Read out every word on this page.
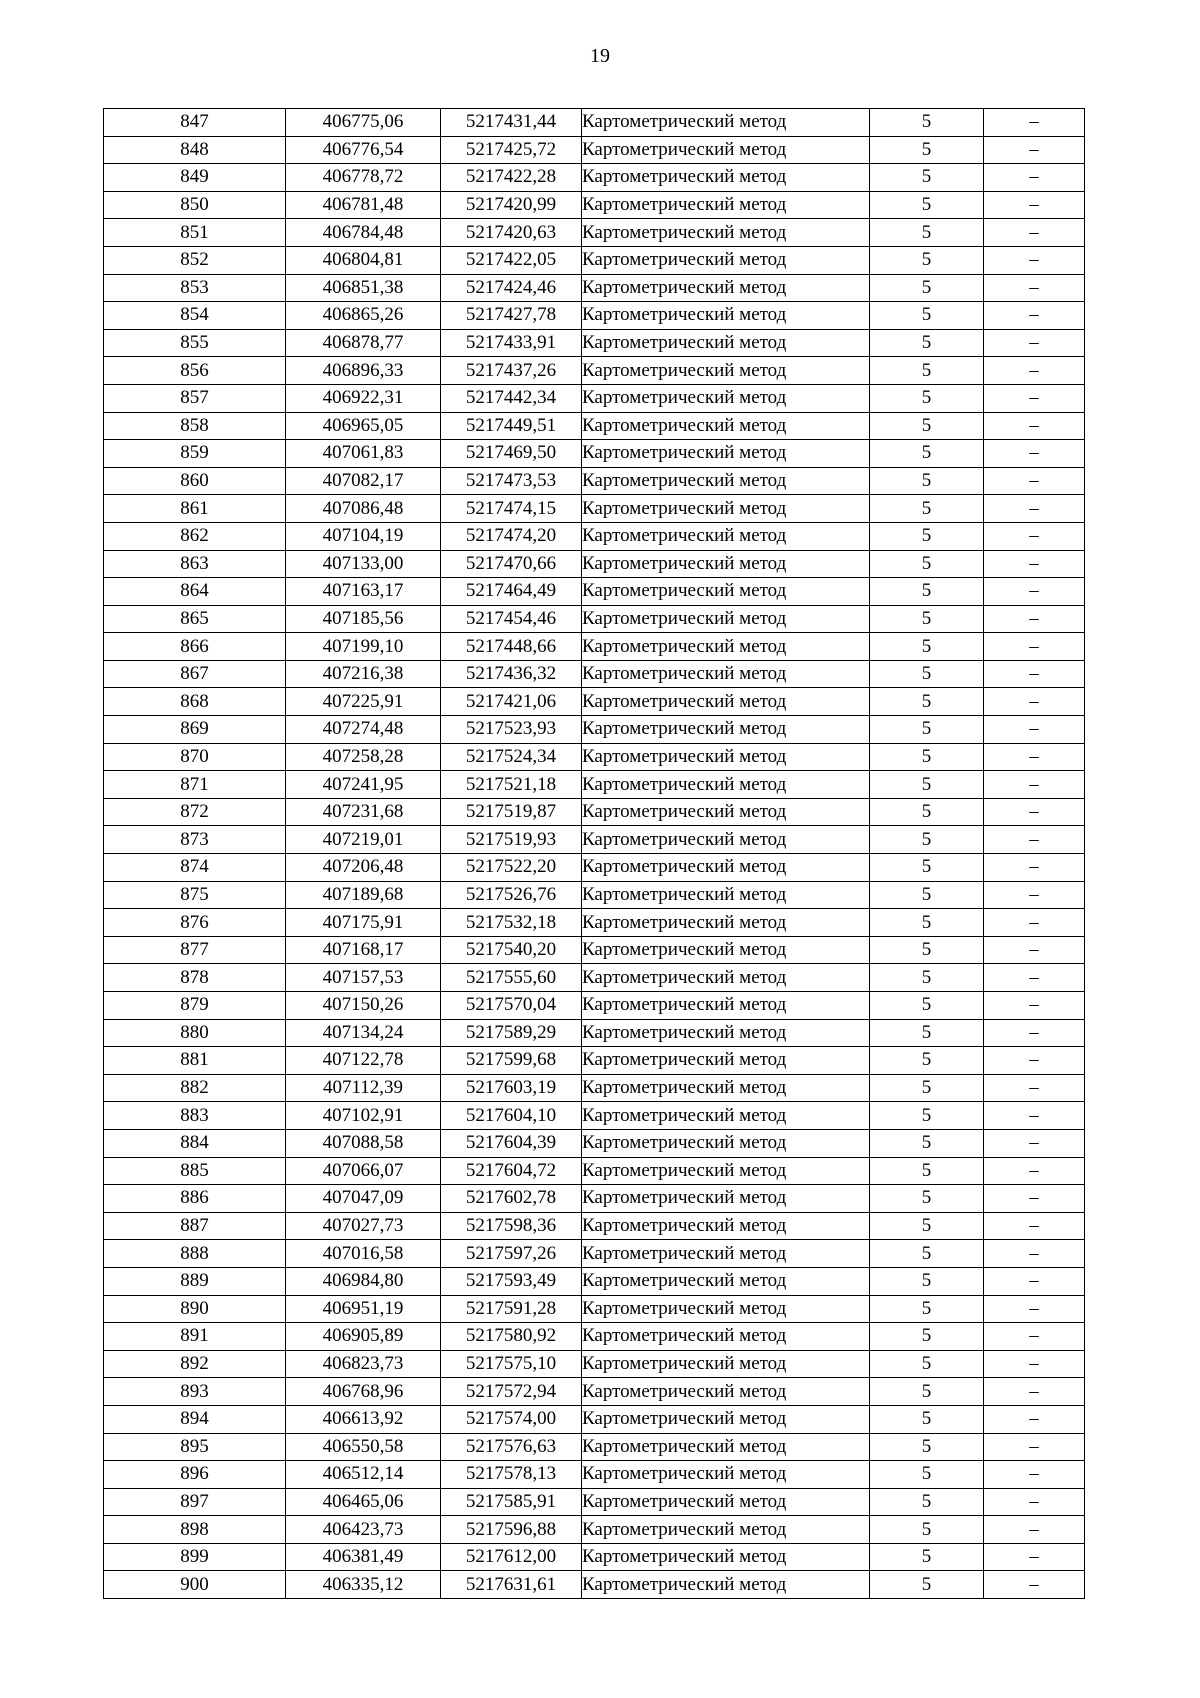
19
847	406775,06	5217431,44	Картометрический метод	5	–
848	406776,54	5217425,72	Картометрический метод	5	–
849	406778,72	5217422,28	Картометрический метод	5	–
850	406781,48	5217420,99	Картометрический метод	5	–
851	406784,48	5217420,63	Картометрический метод	5	–
852	406804,81	5217422,05	Картометрический метод	5	–
853	406851,38	5217424,46	Картометрический метод	5	–
854	406865,26	5217427,78	Картометрический метод	5	–
855	406878,77	5217433,91	Картометрический метод	5	–
856	406896,33	5217437,26	Картометрический метод	5	–
857	406922,31	5217442,34	Картометрический метод	5	–
858	406965,05	5217449,51	Картометрический метод	5	–
859	407061,83	5217469,50	Картометрический метод	5	–
860	407082,17	5217473,53	Картометрический метод	5	–
861	407086,48	5217474,15	Картометрический метод	5	–
862	407104,19	5217474,20	Картометрический метод	5	–
863	407133,00	5217470,66	Картометрический метод	5	–
864	407163,17	5217464,49	Картометрический метод	5	–
865	407185,56	5217454,46	Картометрический метод	5	–
866	407199,10	5217448,66	Картометрический метод	5	–
867	407216,38	5217436,32	Картометрический метод	5	–
868	407225,91	5217421,06	Картометрический метод	5	–
869	407274,48	5217523,93	Картометрический метод	5	–
870	407258,28	5217524,34	Картометрический метод	5	–
871	407241,95	5217521,18	Картометрический метод	5	–
872	407231,68	5217519,87	Картометрический метод	5	–
873	407219,01	5217519,93	Картометрический метод	5	–
874	407206,48	5217522,20	Картометрический метод	5	–
875	407189,68	5217526,76	Картометрический метод	5	–
876	407175,91	5217532,18	Картометрический метод	5	–
877	407168,17	5217540,20	Картометрический метод	5	–
878	407157,53	5217555,60	Картометрический метод	5	–
879	407150,26	5217570,04	Картометрический метод	5	–
880	407134,24	5217589,29	Картометрический метод	5	–
881	407122,78	5217599,68	Картометрический метод	5	–
882	407112,39	5217603,19	Картометрический метод	5	–
883	407102,91	5217604,10	Картометрический метод	5	–
884	407088,58	5217604,39	Картометрический метод	5	–
885	407066,07	5217604,72	Картометрический метод	5	–
886	407047,09	5217602,78	Картометрический метод	5	–
887	407027,73	5217598,36	Картометрический метод	5	–
888	407016,58	5217597,26	Картометрический метод	5	–
889	406984,80	5217593,49	Картометрический метод	5	–
890	406951,19	5217591,28	Картометрический метод	5	–
891	406905,89	5217580,92	Картометрический метод	5	–
892	406823,73	5217575,10	Картометрический метод	5	–
893	406768,96	5217572,94	Картометрический метод	5	–
894	406613,92	5217574,00	Картометрический метод	5	–
895	406550,58	5217576,63	Картометрический метод	5	–
896	406512,14	5217578,13	Картометрический метод	5	–
897	406465,06	5217585,91	Картометрический метод	5	–
898	406423,73	5217596,88	Картометрический метод	5	–
899	406381,49	5217612,00	Картометрический метод	5	–
900	406335,12	5217631,61	Картометрический метод	5	–
